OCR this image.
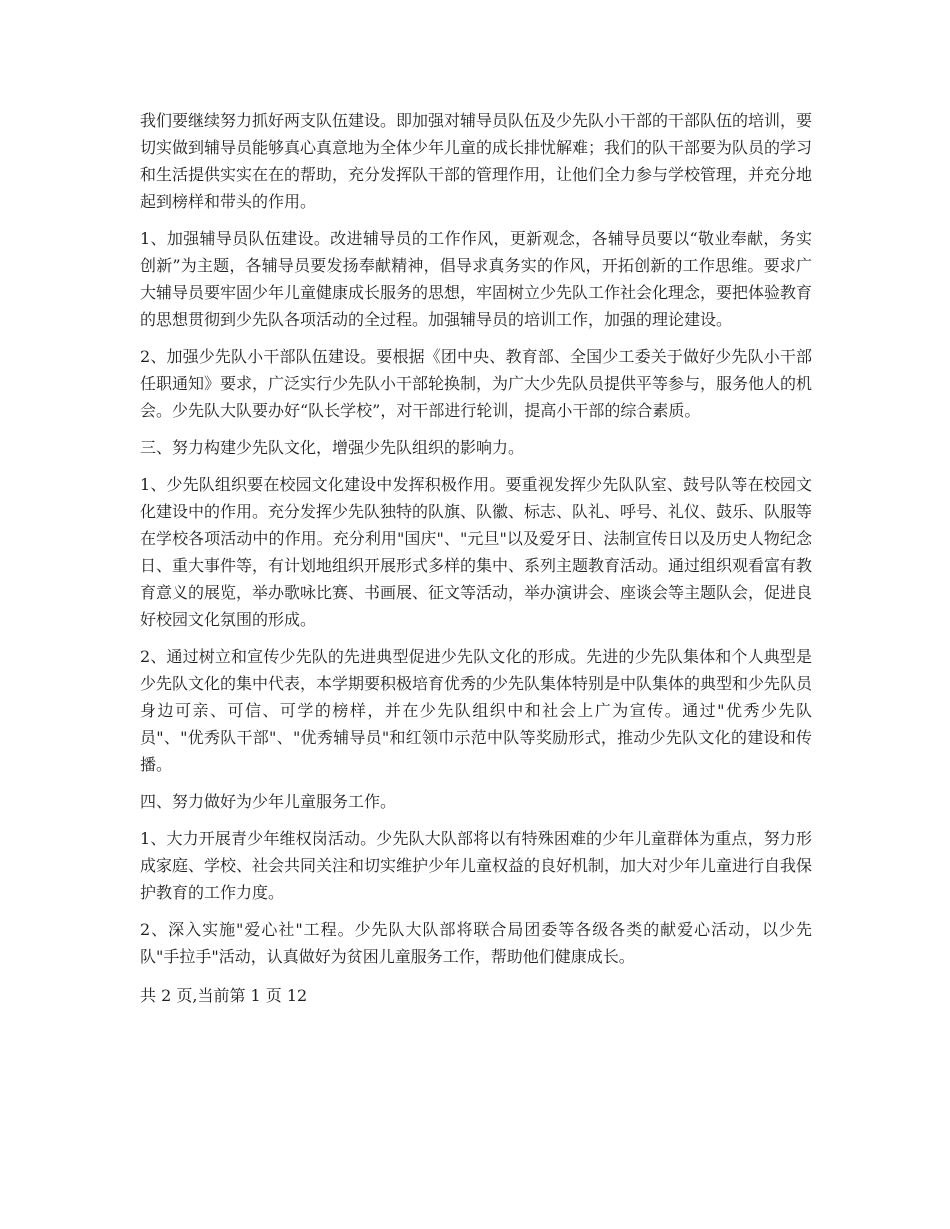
我们要继续努力抓好两支队伍建设。即加强对辅导员队伍及少先队小干部的干部队伍的培训，要切实做到辅导员能够真心真意地为全体少年儿童的成长排忧解难；我们的队干部要为队员的学习和生活提供实实在在的帮助，充分发挥队干部的管理作用，让他们全力参与学校管理，并充分地起到榜样和带头的作用。

1、加强辅导员队伍建设。改进辅导员的工作作风，更新观念，各辅导员要以“敬业奉献，务实创新”为主题，各辅导员要发扬奉献精神，倡导求真务实的作风，开拓创新的工作思维。要求广大辅导员要牢固少年儿童健康成长服务的思想，牢固树立少先队工作社会化理念，要把体验教育的思想贯彻到少先队各项活动的全过程。加强辅导员的培训工作，加强的理论建设。

2、加强少先队小干部队伍建设。要根据《团中央、教育部、全国少工委关于做好少先队小干部任职通知》要求，广泛实行少先队小干部轮换制，为广大少先队员提供平等参与，服务他人的机会。少先队大队要办好“队长学校”，对干部进行轮训，提高小干部的综合素质。

三、努力构建少先队文化，增强少先队组织的影响力。

1、少先队组织要在校园文化建设中发挥积极作用。要重视发挥少先队队室、鼓号队等在校园文化建设中的作用。充分发挥少先队独特的队旗、队徽、标志、队礼、呼号、礼仪、鼓乐、队服等在学校各项活动中的作用。充分利用"国庆"、"元旦"以及爱牙日、法制宣传日以及历史人物纪念日、重大事件等，有计划地组织开展形式多样的集中、系列主题教育活动。通过组织观看富有教育意义的展览，举办歌咏比赛、书画展、征文等活动，举办演讲会、座谈会等主题队会，促进良好校园文化氛围的形成。

2、通过树立和宣传少先队的先进典型促进少先队文化的形成。先进的少先队集体和个人典型是少先队文化的集中代表，本学期要积极培育优秀的少先队集体特别是中队集体的典型和少先队员身边可亲、可信、可学的榜样，并在少先队组织中和社会上广为宣传。通过"优秀少先队员"、"优秀队干部"、"优秀辅导员"和红领巾示范中队等奖励形式，推动少先队文化的建设和传播。

四、努力做好为少年儿童服务工作。

1、大力开展青少年维权岗活动。少先队大队部将以有特殊困难的少年儿童群体为重点，努力形成家庭、学校、社会共同关注和切实维护少年儿童权益的良好机制，加大对少年儿童进行自我保护教育的工作力度。

2、深入实施"爱心社"工程。少先队大队部将联合局团委等各级各类的献爱心活动，以少先队"手拉手"活动，认真做好为贫困儿童服务工作，帮助他们健康成长。

共 2 页,当前第 1 页 12
